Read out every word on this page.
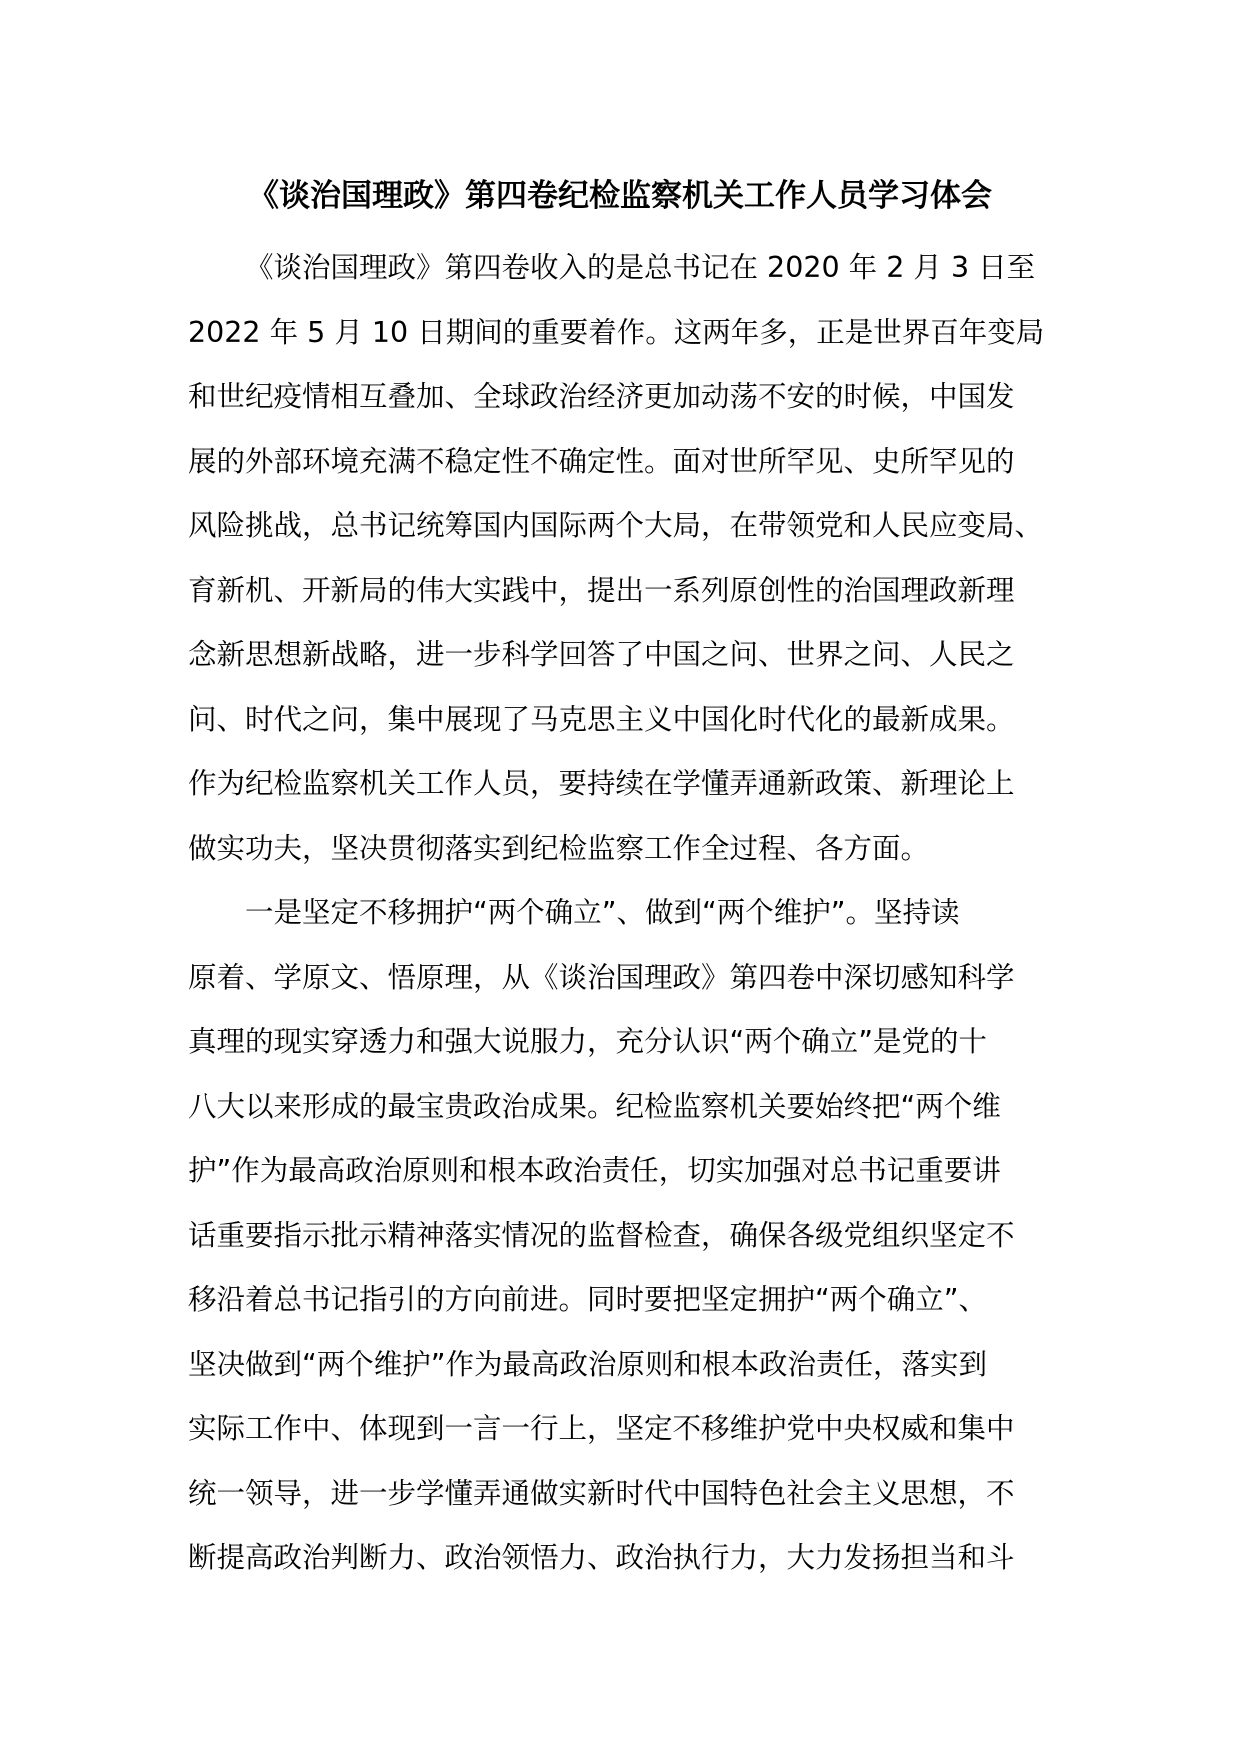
《谈治国理政》第四卷纪检监察机关工作人员学习体会
《谈治国理政》第四卷收入的是总书记在 2020 年 2 月 3 日至
2022 年 5 月 10 日期间的重要着作。这两年多，正是世界百年变局
和世纪疫情相互叠加、全球政治经济更加动荡不安的时候，中国发
展的外部环境充满不稳定性不确定性。面对世所罕见、史所罕见的
风险挑战，总书记统筹国内国际两个大局，在带领党和人民应变局、
育新机、开新局的伟大实践中，提出一系列原创性的治国理政新理
念新思想新战略，进一步科学回答了中国之问、世界之问、人民之
问、时代之问，集中展现了马克思主义中国化时代化的最新成果。
作为纪检监察机关工作人员，要持续在学懂弄通新政策、新理论上
做实功夫，坚决贯彻落实到纪检监察工作全过程、各方面。
一是坚定不移拥护“两个确立”、做到“两个维护”。坚持读
原着、学原文、悟原理，从《谈治国理政》第四卷中深切感知科学
真理的现实穿透力和强大说服力，充分认识“两个确立”是党的十
八大以来形成的最宝贵政治成果。纪检监察机关要始终把“两个维
护”作为最高政治原则和根本政治责任，切实加强对总书记重要讲
话重要指示批示精神落实情况的监督检查，确保各级党组织坚定不
移沿着总书记指引的方向前进。同时要把坚定拥护“两个确立”、
坚决做到“两个维护”作为最高政治原则和根本政治责任，落实到
实际工作中、体现到一言一行上，坚定不移维护党中央权威和集中
统一领导，进一步学懂弄通做实新时代中国特色社会主义思想，不
断提高政治判断力、政治领悟力、政治执行力，大力发扬担当和斗
